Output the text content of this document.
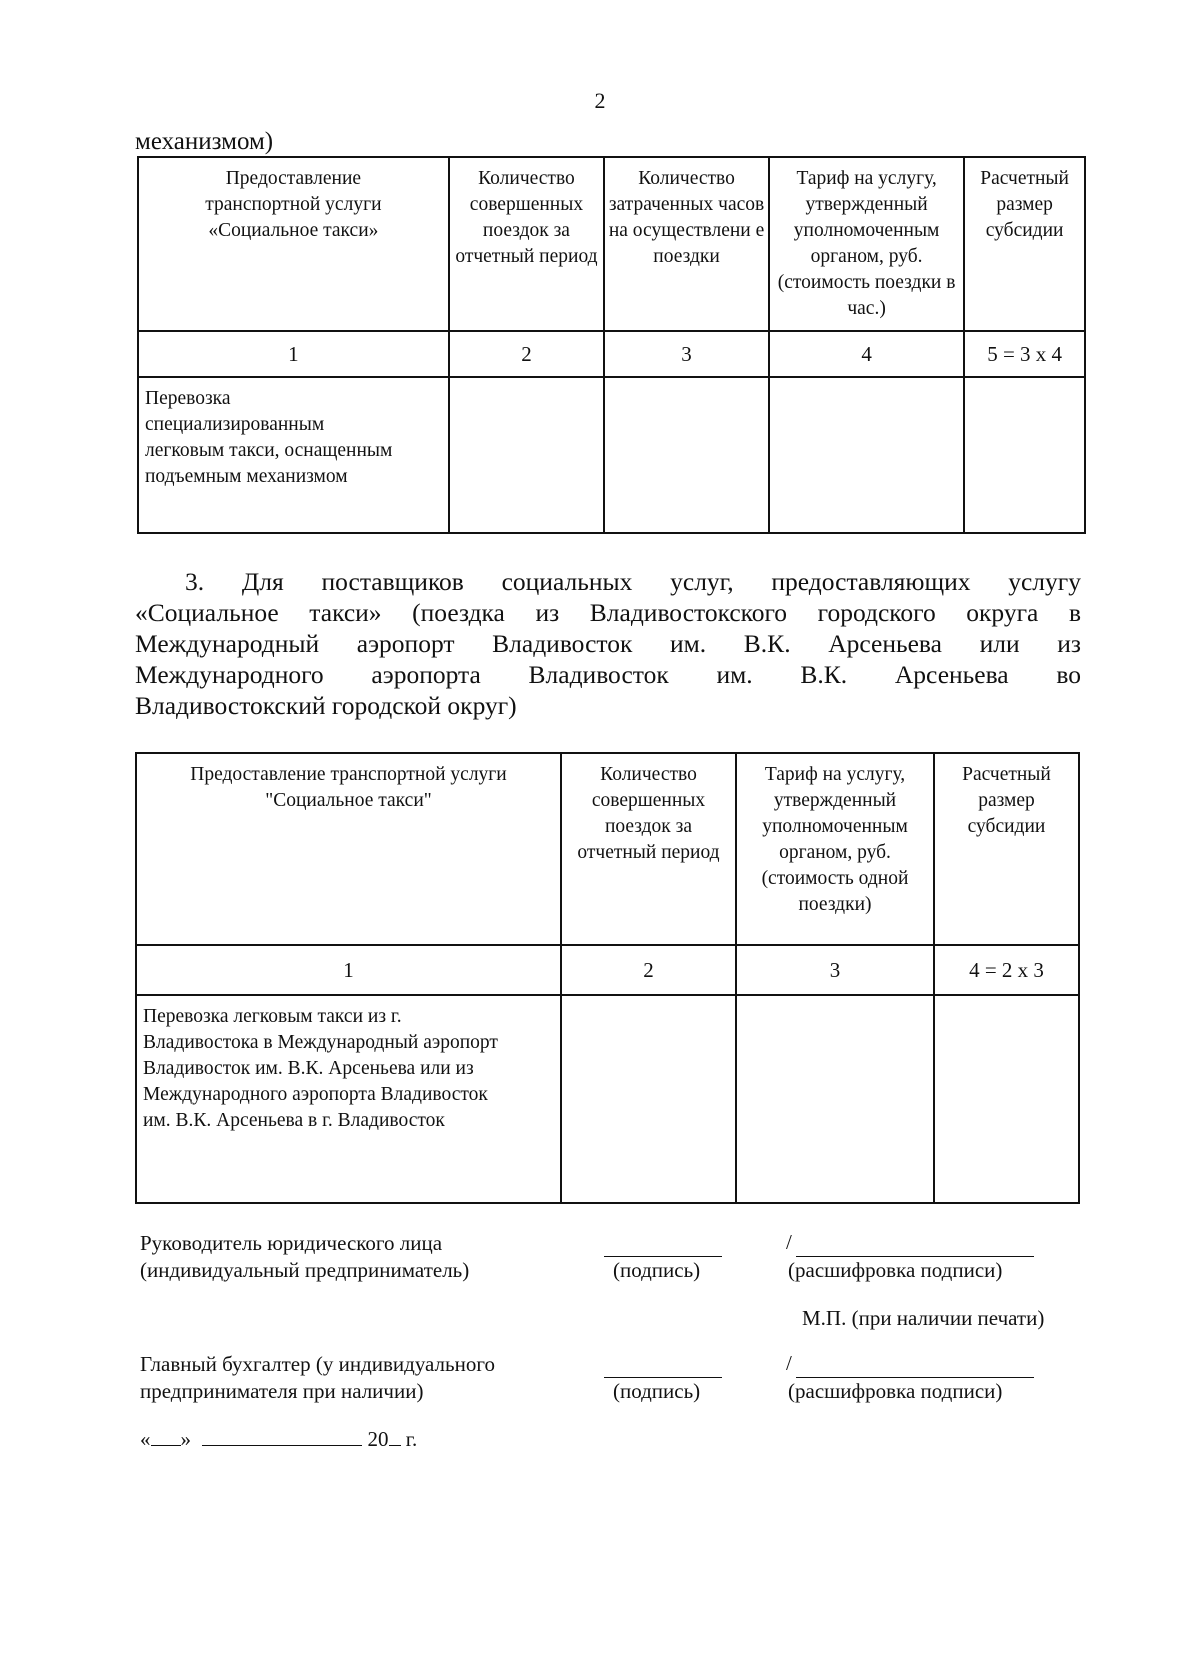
2
механизмом)
Предоставление транспортной услуги «Социальное такси»	Количество совершенных поездок за отчетный период	Количество затраченных часов на осуществлени е поездки	Тариф на услугу, утвержденный уполномоченным органом, руб. (стоимость поездки в час.)	Расчетный размер субсидии
1	2	3	4	5 = 3 х 4
Перевозка специализированным легковым такси, оснащенным подъемным механизмом				
3. Для поставщиков социальных услуг, предоставляющих услугу
«Социальное такси» (поездка из Владивостокского городского округа в
Международный аэропорт Владивосток им. В.К. Арсеньева или из
Международного аэропорта Владивосток им. В.К. Арсеньева во
Владивостокский городской округ)
Предоставление транспортной услуги "Социальное такси"	Количество совершенных поездок за отчетный период	Тариф на услугу, утвержденный уполномоченным органом, руб. (стоимость одной поездки)	Расчетный размер субсидии
1	2	3	4 = 2 х 3
Перевозка легковым такси из г. Владивостока в Международный аэропорт Владивосток им. В.К. Арсеньева или из Международного аэропорта Владивосток им. В.К. Арсеньева в г. Владивосток			
Руководитель юридического лица
(индивидуальный предприниматель)	(подпись)
/
(расшифровка подписи)
М.П. (при наличии печати)
Главный бухгалтер (у индивидуального
предпринимателя при наличии)	(подпись)
/
(расшифровка подписи)
« »	20 г.
